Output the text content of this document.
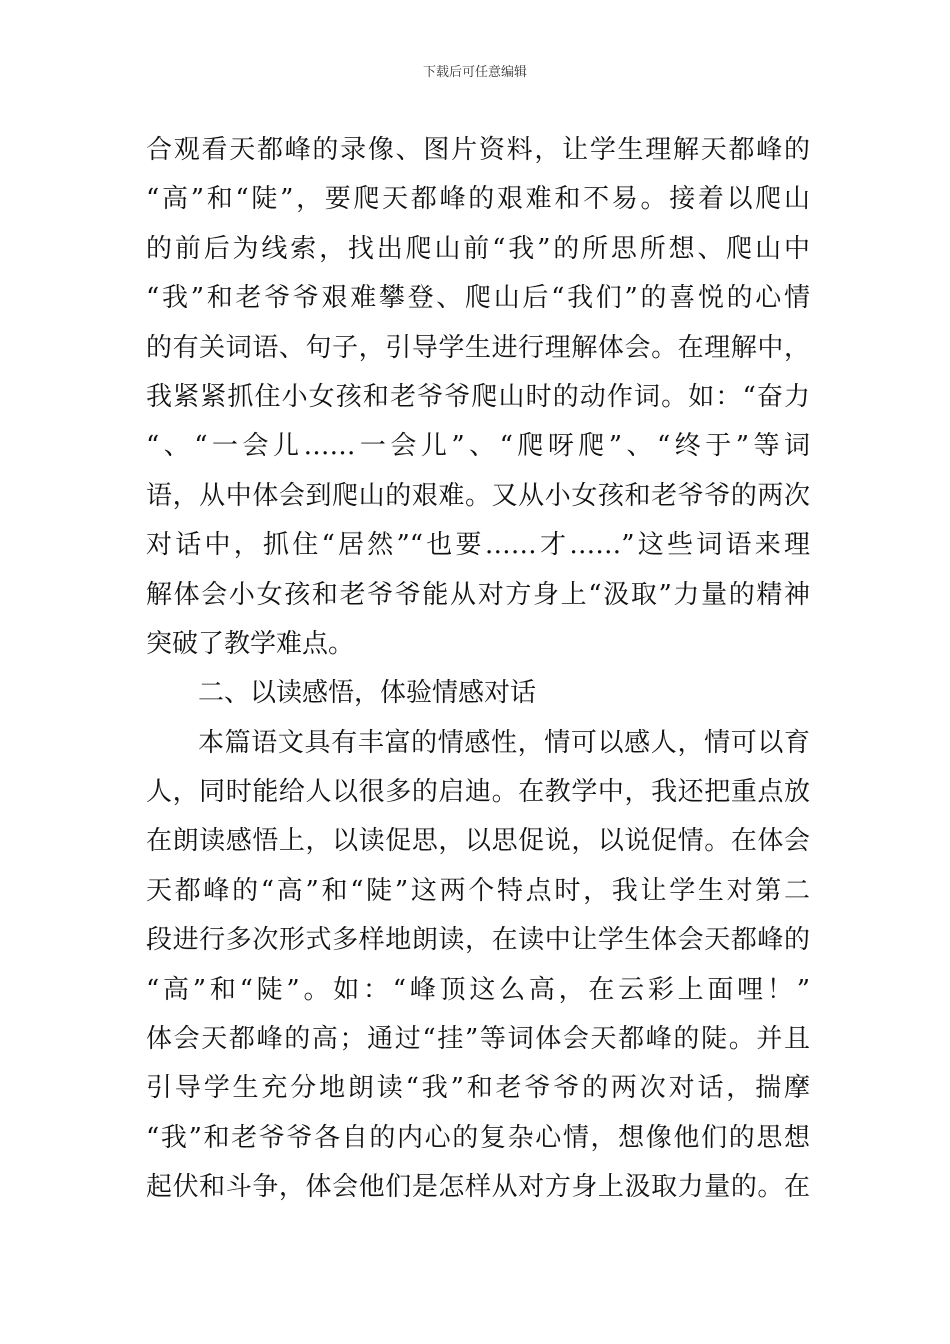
下载后可任意编辑
合观看天都峰的录像、图片资料，让学生理解天都峰的
“高”和“陡”，要爬天都峰的艰难和不易。接着以爬山
的前后为线索，找出爬山前“我”的所思所想、爬山中
“我”和老爷爷艰难攀登、爬山后“我们”的喜悦的心情
的有关词语、句子，引导学生进行理解体会。在理解中，
我紧紧抓住小女孩和老爷爷爬山时的动作词。如：“奋力
“、“一会儿……一会儿”、“爬呀爬”、“终于”等词
语，从中体会到爬山的艰难。又从小女孩和老爷爷的两次
对话中，抓住“居然”“也要……才……”这些词语来理
解体会小女孩和老爷爷能从对方身上“汲取”力量的精神
突破了教学难点。
二、以读感悟，体验情感对话
本篇语文具有丰富的情感性，情可以感人，情可以育
人，同时能给人以很多的启迪。在教学中，我还把重点放
在朗读感悟上，以读促思，以思促说，以说促情。在体会
天都峰的“高”和“陡”这两个特点时，我让学生对第二
段进行多次形式多样地朗读，在读中让学生体会天都峰的
“高”和“陡”。如：“峰顶这么高，在云彩上面哩！”
体会天都峰的高；通过“挂”等词体会天都峰的陡。并且
引导学生充分地朗读“我”和老爷爷的两次对话，揣摩
“我”和老爷爷各自的内心的复杂心情，想像他们的思想
起伏和斗争，体会他们是怎样从对方身上汲取力量的。在
